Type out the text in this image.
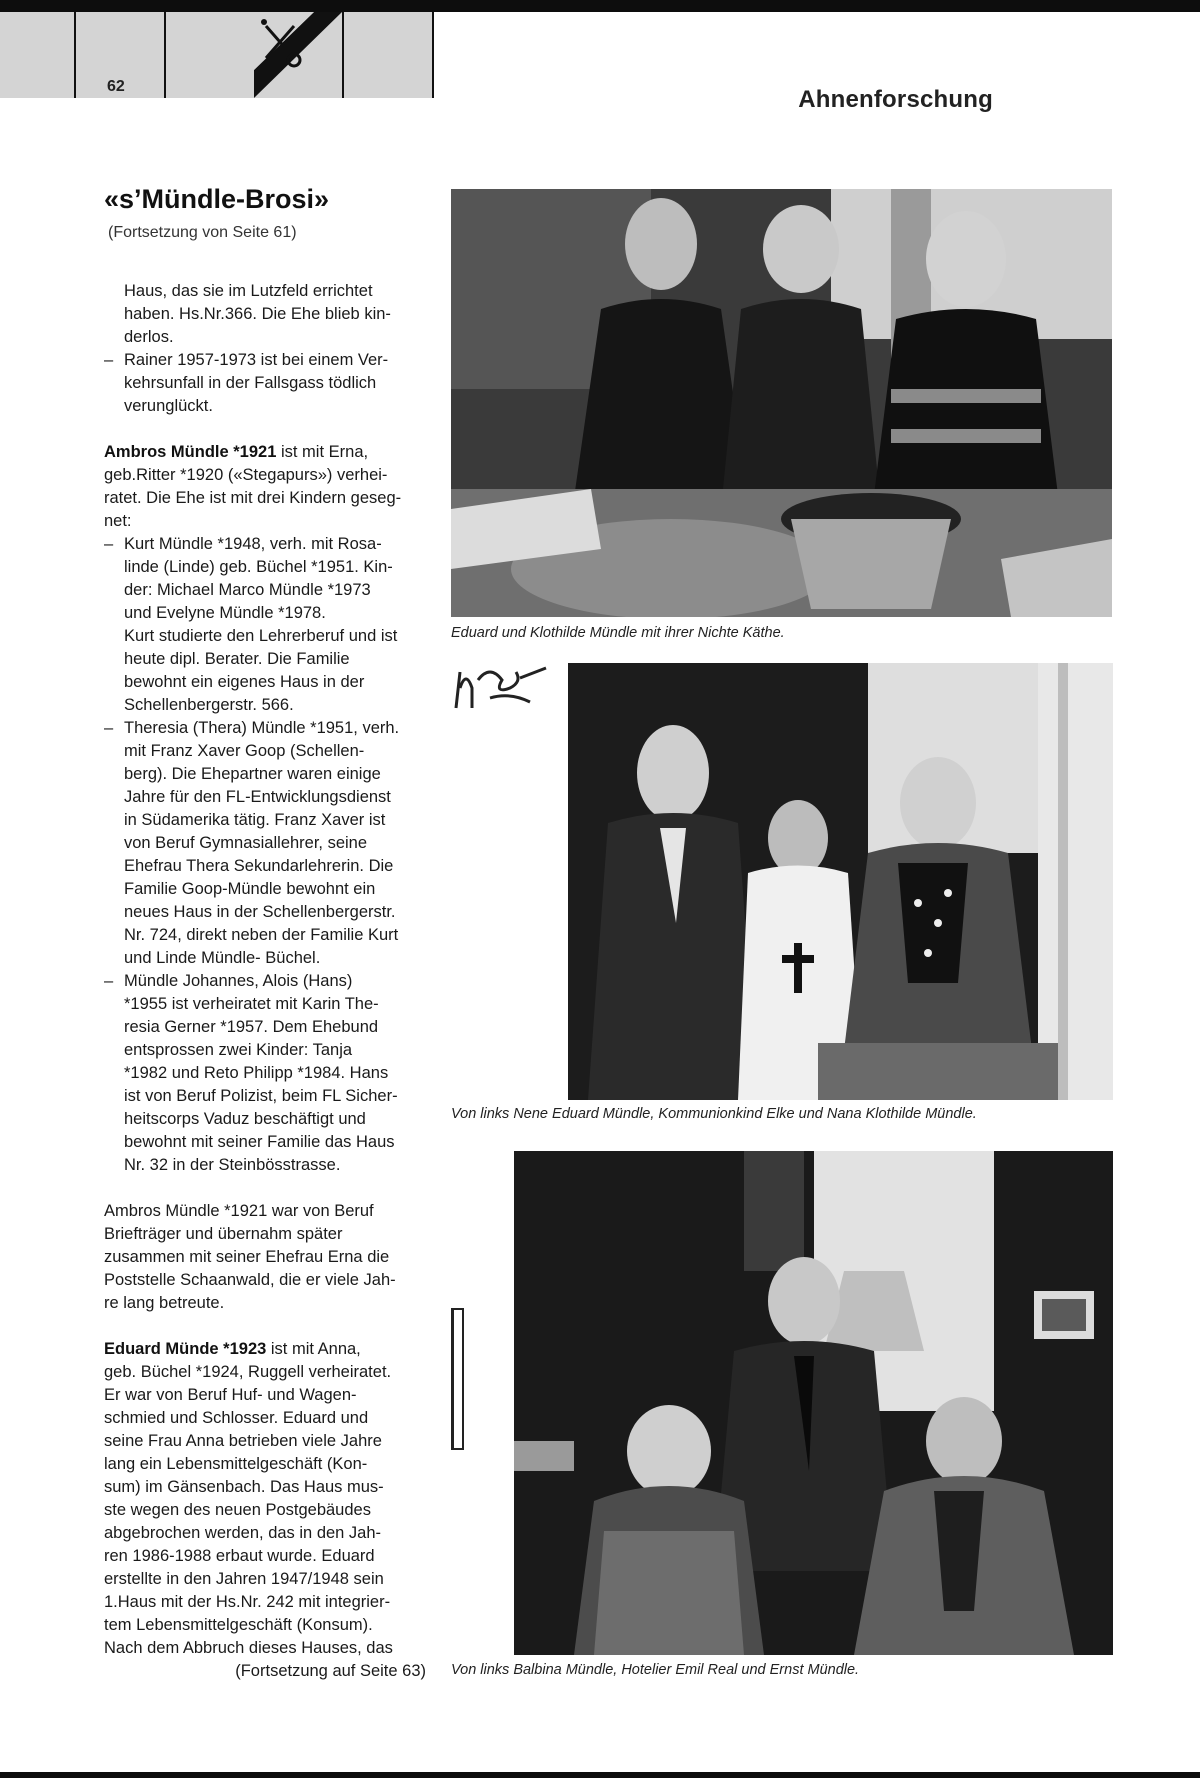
62	Ahnenforschung
«s’Mündle-Brosi»
(Fortsetzung von Seite 61)
Haus, das sie im Lutzfeld errichtet
haben. Hs.Nr.366. Die Ehe blieb kin-
derlos.
– Rainer 1957-1973 ist bei einem Ver-
kehrsunfall in der Fallsgass tödlich
verunglückt.
Ambros Mündle *1921 ist mit Erna,
geb.Ritter *1920 («Stegapurs») verhei-
ratet. Die Ehe ist mit drei Kindern geseg-
net:
– Kurt Mündle *1948, verh. mit Rosa-
linde (Linde) geb. Büchel *1951. Kin-
der: Michael Marco Mündle *1973
und Evelyne Mündle *1978.
Kurt studierte den Lehrerberuf und ist
heute dipl. Berater. Die Familie
bewohnt ein eigenes Haus in der
Schellenbergerstr. 566.
– Theresia (Thera) Mündle *1951, verh.
mit Franz Xaver Goop (Schellen-
berg). Die Ehepartner waren einige
Jahre für den FL-Entwicklungsdienst
in Südamerika tätig. Franz Xaver ist
von Beruf Gymnasiallehrer, seine
Ehefrau Thera Sekundarlehrerin. Die
Familie Goop-Mündle bewohnt ein
neues Haus in der Schellenbergerstr.
Nr. 724, direkt neben der Familie Kurt
und Linde Mündle- Büchel.
– Mündle Johannes, Alois (Hans)
*1955 ist verheiratet mit Karin The-
resia Gerner *1957. Dem Ehebund
entsprossen zwei Kinder: Tanja
*1982 und Reto Philipp *1984. Hans
ist von Beruf Polizist, beim FL Sicher-
heitscorps Vaduz beschäftigt und
bewohnt mit seiner Familie das Haus
Nr. 32 in der Steinbösstrasse.
Ambros Mündle *1921 war von Beruf
Briefträger und übernahm später
zusammen mit seiner Ehefrau Erna die
Poststelle Schaanwald, die er viele Jah-
re lang betreute.
Eduard Münde *1923 ist mit Anna,
geb. Büchel *1924, Ruggell verheiratet.
Er war von Beruf Huf- und Wagen-
schmied und Schlosser. Eduard und
seine Frau Anna betrieben viele Jahre
lang ein Lebensmittelgeschäft (Kon-
sum) im Gänsenbach. Das Haus mus-
ste wegen des neuen Postgebäudes
abgebrochen werden, das in den Jah-
ren 1986-1988 erbaut wurde. Eduard
erstellte in den Jahren 1947/1948 sein
1.Haus mit der Hs.Nr. 242 mit integrier-
tem Lebensmittelgeschäft (Konsum).
Nach dem Abbruch dieses Hauses, das
(Fortsetzung auf Seite 63)
Eduard und Klothilde Mündle mit ihrer Nichte Käthe.
Von links Nene Eduard Mündle, Kommunionkind Elke und Nana Klothilde Mündle.
Von links Balbina Mündle, Hotelier Emil Real und Ernst Mündle.
